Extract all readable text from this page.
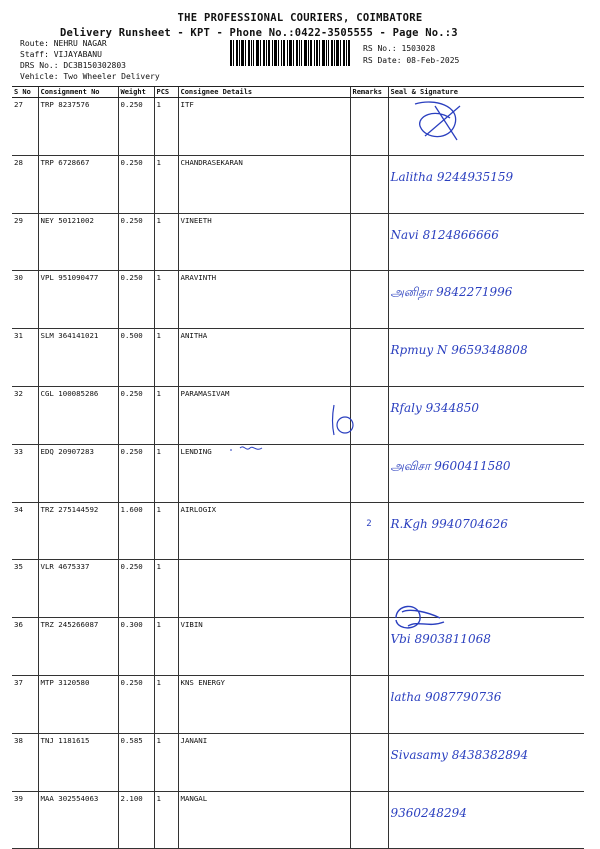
THE PROFESSIONAL COURIERS, COIMBATORE
Delivery Runsheet - KPT - Phone No.:0422-3505555 - Page No.:3
Route: NEHRU NAGAR
Staff: VIJAYABANU
DRS No.: DC3B150302803
Vehicle: Two Wheeler Delivery
RS No.: 1503028
RS Date: 08-Feb-2025
S No	Consignment No	Weight	PCS	Consignee Details	Remarks	Seal & Signature
27	TRP 8237576	0.250	1	ITF		
28	TRP 6728667	0.250	1	CHANDRASEKARAN		Lalitha 9244935159
29	NEY 50121002	0.250	1	VINEETH		Navi 8124866666
30	VPL 951090477	0.250	1	ARAVINTH		அனிதா 9842271996
31	SLM 364141021	0.500	1	ANITHA		Rpmuy N 9659348808
32	CGL 100085286	0.250	1	PARAMASIVAM		Rfaly 9344850
33	EDQ 20907283	0.250	1	LENDING		அவிசா 9600411580
34	TRZ 275144592	1.600	1	AIRLOGIX	2	R.Kgh 9940704626
35	VLR 4675337	0.250	1			
36	TRZ 245266087	0.300	1	VIBIN		Vbi 8903811068
37	MTP 3120580	0.250	1	KNS ENERGY		latha 9087790736
38	TNJ 1181615	0.585	1	JANANI		Sivasamy 8438382894
39	MAA 302554063	2.100	1	MANGAL		9360248294
